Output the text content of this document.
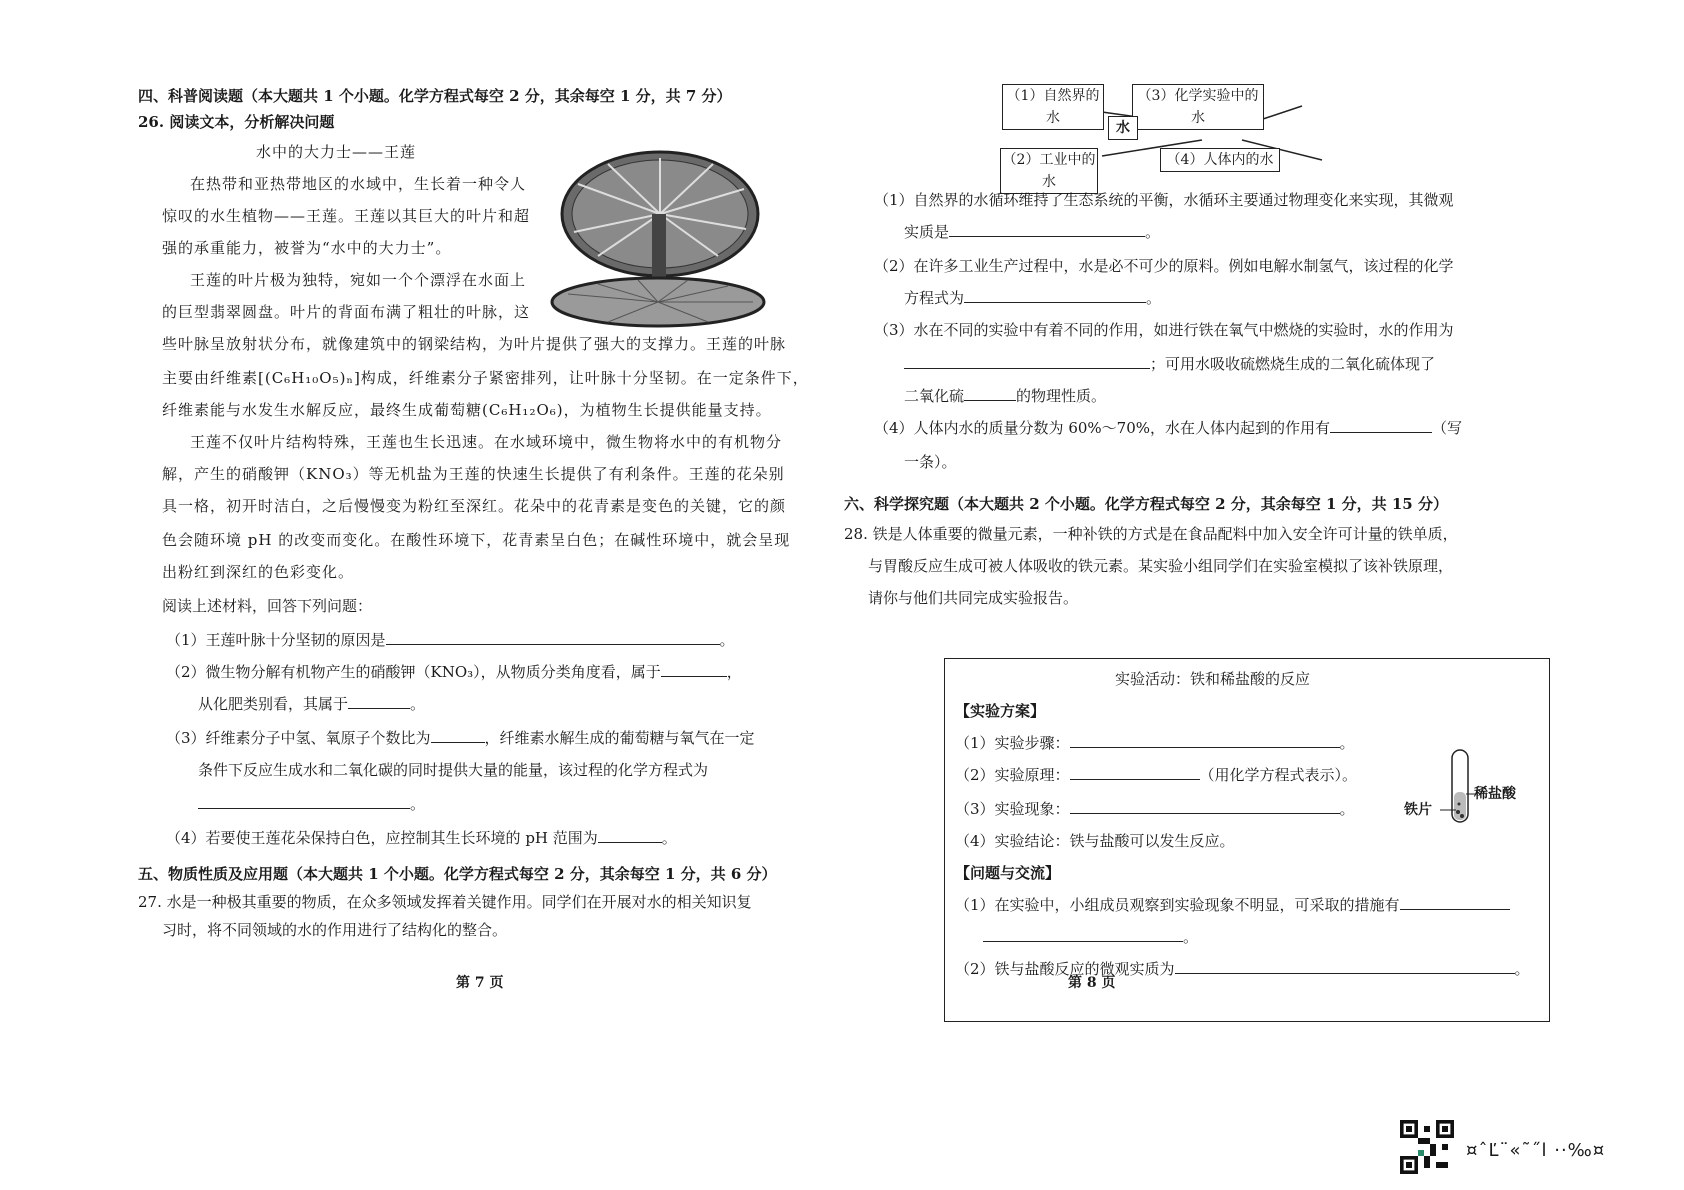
四、科普阅读题（本大题共 1 个小题。化学方程式每空 2 分，其余每空 1 分，共 7 分）
26. 阅读文本，分析解决问题
水中的大力士——王莲
在热带和亚热带地区的水域中，生长着一种令人
惊叹的水生植物——王莲。王莲以其巨大的叶片和超
强的承重能力，被誉为“水中的大力士”。
王莲的叶片极为独特，宛如一个个漂浮在水面上
的巨型翡翠圆盘。叶片的背面布满了粗壮的叶脉，这
些叶脉呈放射状分布，就像建筑中的钢梁结构，为叶片提供了强大的支撑力。王莲的叶脉
主要由纤维素[(C₆H₁₀O₅)ₙ]构成，纤维素分子紧密排列，让叶脉十分坚韧。在一定条件下，
纤维素能与水发生水解反应，最终生成葡萄糖(C₆H₁₂O₆)，为植物生长提供能量支持。
王莲不仅叶片结构特殊，王莲也生长迅速。在水域环境中，微生物将水中的有机物分
解，产生的硝酸钾（KNO₃）等无机盐为王莲的快速生长提供了有利条件。王莲的花朵别
具一格，初开时洁白，之后慢慢变为粉红至深红。花朵中的花青素是变色的关键，它的颜
色会随环境 pH 的改变而变化。在酸性环境下，花青素呈白色；在碱性环境中，就会呈现
出粉红到深红的色彩变化。
阅读上述材料，回答下列问题：
（1）王莲叶脉十分坚韧的原因是	。
（2）微生物分解有机物产生的硝酸钾（KNO₃），从物质分类角度看，属于	，
从化肥类别看，其属于	。
（3）纤维素分子中氢、氧原子个数比为	，纤维素水解生成的葡萄糖与氧气在一定
条件下反应生成水和二氧化碳的同时提供大量的能量，该过程的化学方程式为
。
（4）若要使王莲花朵保持白色，应控制其生长环境的 pH 范围为	。
五、物质性质及应用题（本大题共 1 个小题。化学方程式每空 2 分，其余每空 1 分，共 6 分）
27. 水是一种极其重要的物质，在众多领域发挥着关键作用。同学们在开展对水的相关知识复
习时，将不同领域的水的作用进行了结构化的整合。
第 7 页
（1）自然界的水
（3）化学实验中的水
水
（2）工业中的水
（4）人体内的水
（1）自然界的水循环维持了生态系统的平衡，水循环主要通过物理变化来实现，其微观
实质是	。
（2）在许多工业生产过程中，水是必不可少的原料。例如电解水制氢气，该过程的化学
方程式为	。
（3）水在不同的实验中有着不同的作用，如进行铁在氧气中燃烧的实验时，水的作用为
；可用水吸收硫燃烧生成的二氧化硫体现了
二氧化硫	的物理性质。
（4）人体内水的质量分数为 60%～70%，水在人体内起到的作用有	（写
一条）。
六、科学探究题（本大题共 2 个小题。化学方程式每空 2 分，其余每空 1 分，共 15 分）
28. 铁是人体重要的微量元素，一种补铁的方式是在食品配料中加入安全许可计量的铁单质，
与胃酸反应生成可被人体吸收的铁元素。某实验小组同学们在实验室模拟了该补铁原理，
请你与他们共同完成实验报告。
第 8 页
实验活动：铁和稀盐酸的反应
【实验方案】
（1）实验步骤：	。
（2）实验原理：	（用化学方程式表示）。
（3）实验现象：	。
（4）实验结论：铁与盐酸可以发生反应。
【问题与交流】
（1）在实验中，小组成员观察到实验现象不明显，可采取的措施有
。
（2）铁与盐酸反应的微观实质为	。
铁片
稀盐酸
¤ˆĽ¨«˜˝l ··‰¤
